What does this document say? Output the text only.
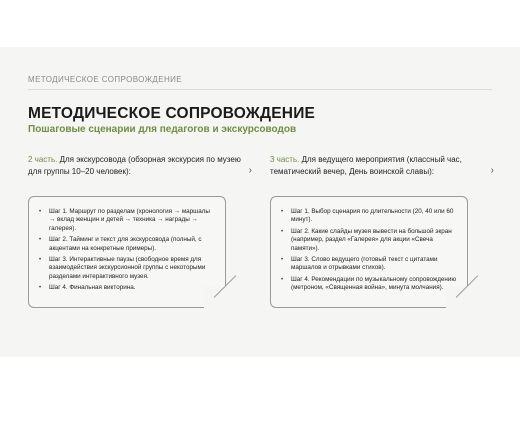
МЕТОДИЧЕСКОЕ СОПРОВОЖДЕНИЕ
МЕТОДИЧЕСКОЕ СОПРОВОЖДЕНИЕ
Пошаговые сценарии для педагогов и экскурсоводов
2 часть. Для экскурсовода (обзорная экскурсия по музею для группы 10–20 человек):	›
3 часть. Для ведущего мероприятия (классный час, тематический вечер, День воинской славы):	›
• Шаг 1. Маршрут по разделам (хронология → маршалы → вклад женщин и детей → техника → награды → галерея).
• Шаг 2. Тайминг и текст для экскурсовода (полный, с акцентами на конкретные примеры).
• Шаг 3. Интерактивные паузы (свободное время для взаимодействия экскурсионной группы с некоторыми разделами интерактивного музея.
• Шаг 4. Финальная викторина.
• Шаг 1. Выбор сценария по длительности (20, 40 или 60 минут).
• Шаг 2. Какие слайды музея вывести на большой экран (например, раздел «Галерея» для акции «Свеча памяти»).
• Шаг 3. Слово ведущего (готовый текст с цитатами маршалов и отрывками стихов).
• Шаг 4. Рекомендации по музыкальному сопровождению (метроном, «Священная война», минута молчания).
